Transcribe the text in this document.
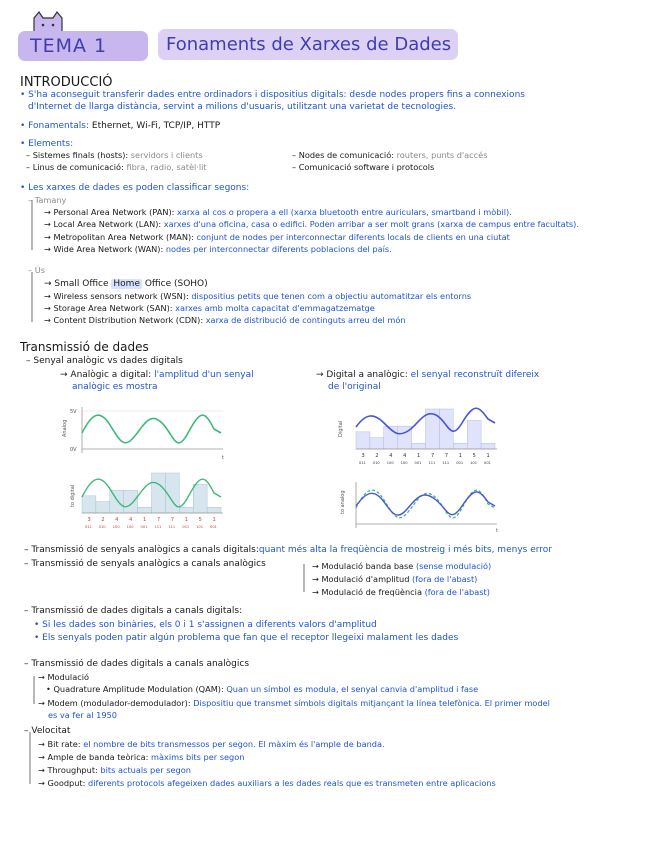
TEMA 1	Fonaments de Xarxes de Dades
INTRODUCCIÓ
• S'ha aconseguit transferir dades entre ordinadors i dispositius digitals: desde nodes propers fins a connexions
d'Internet de llarga distància, servint a milions d'usuaris, utilitzant una varietat de tecnologies.
• Fonamentals: Ethernet, Wi-Fi, TCP/IP, HTTP
• Elements:
– Sistemes finals (hosts): servidors i clients
– Linus de comunicació: fibra, radio, satèl·lit
– Nodes de comunicació: routers, punts d'accés
– Comunicació software i protocols
• Les xarxes de dades es poden classificar segons:
– Tamany
→ Personal Area Network (PAN): xarxa al cos o propera a ell (xarxa bluetooth entre auriculars, smartband i mòbil).
→ Local Area Network (LAN): xarxes d'una oficina, casa o edifici. Poden arribar a ser molt grans (xarxa de campus entre facultats).
→ Metropolitan Area Network (MAN): conjunt de nodes per interconnectar diferents locals de clients en una ciutat
→ Wide Area Network (WAN): nodes per interconnectar diferents poblacions del país.
– Ús
→ Small Office Home Office (SOHO)
→ Wireless sensors network (WSN): dispositius petits que tenen com a objectiu automatitzar els entorns
→ Storage Area Network (SAN): xarxes amb molta capacitat d'emmagatzematge
→ Content Distribution Network (CDN): xarxa de distribució de continguts arreu del món
Transmissió de dades
– Senyal analògic vs dades digitals
→ Analògic a digital: l'amplitud d'un senyal
analògic es mostra
→ Digital a analògic: el senyal reconstruït difereix
de l'original
Analog
5V
0V
t
to digital
3
011
2
010
4
100
4
100
1
001
7
111
7
111
1
001
5
101
1
001
Digital
3
011
2
010
4
100
4
100
1
001
7
111
7
111
1
001
5
101
1
001
to analog
t
– Transmissió de senyals analògics a canals digitals:quant més alta la freqüència de mostreig i més bits, menys error
– Transmissió de senyals analògics a canals analògics	→ Modulació banda base (sense modulació)
→ Modulació d'amplitud (fora de l'abast)
→ Modulació de freqüència (fora de l'abast)
– Transmissió de dades digitals a canals digitals:
• Si les dades son binàries, els 0 i 1 s'assignen a diferents valors d'amplitud
• Els senyals poden patir algún problema que fan que el receptor llegeixi malament les dades
– Transmissió de dades digitals a canals analògics
→ Modulació
• Quadrature Amplitude Modulation (QAM): Quan un símbol es modula, el senyal canvia d'amplitud i fase
→ Modem (modulador-demodulador): Dispositiu que transmet símbols digitals mitjançant la línea telefònica. El primer model
es va fer al 1950
– Velocitat
→ Bit rate: el nombre de bits transmessos per segon. El màxim és l'ample de banda.
→ Ample de banda teòrica: màxims bits per segon
→ Throughput: bits actuals per segon
→ Goodput: diferents protocols afegeixen dades auxiliars a les dades reals que es transmeten entre aplicacions
